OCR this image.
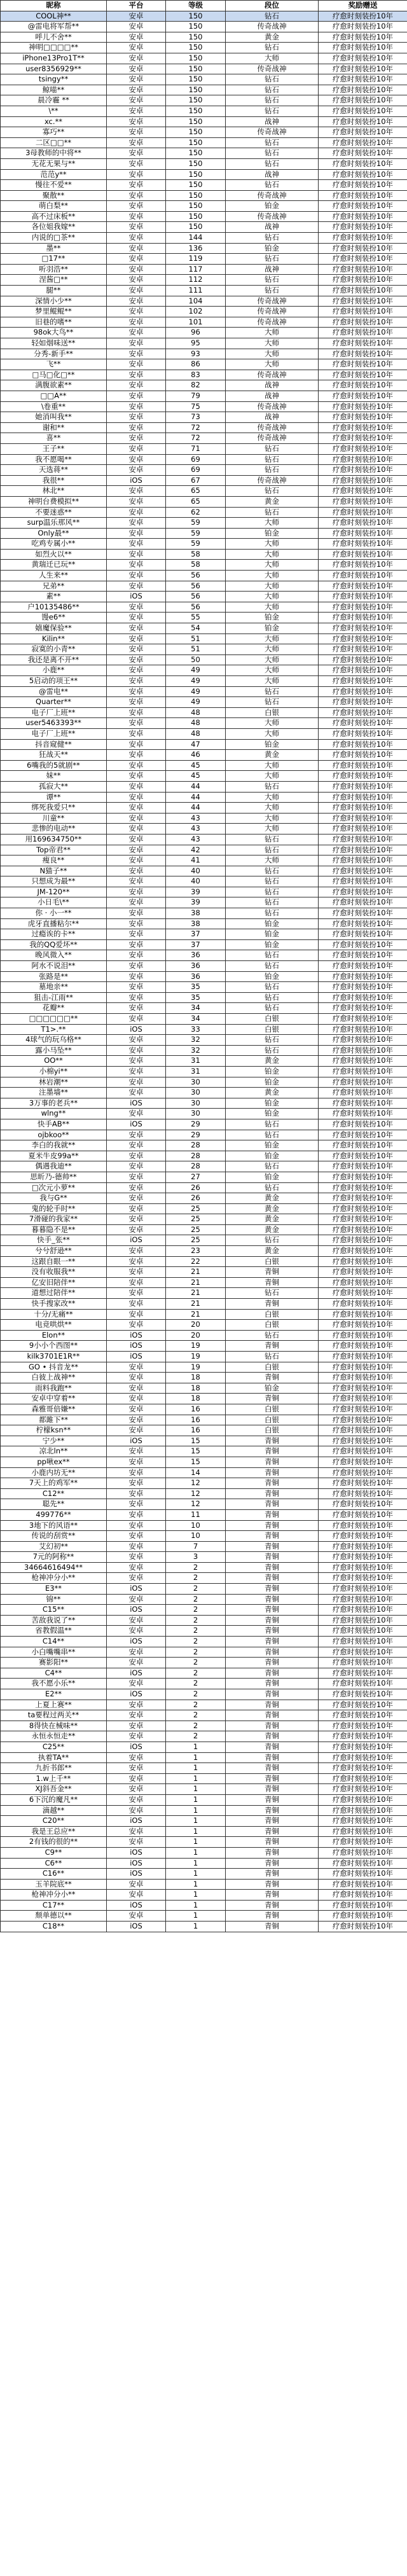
昵称	平台	等级	段位	奖励赠送
COOL神**	安卓	150	钻石	疗愈时刻装扮10年
@雷电将军帮**	安卓	150	传奇战神	疗愈时刻装扮10年
呼儿不舍**	安卓	150	黄金	疗愈时刻装扮10年
神明□□□□**	安卓	150	钻石	疗愈时刻装扮10年
iPhone13Pro1T**	安卓	150	大师	疗愈时刻装扮10年
user8356929**	安卓	150	传奇战神	疗愈时刻装扮10年
tsingy**	安卓	150	钻石	疗愈时刻装扮10年
鲸喵**	安卓	150	钻石	疗愈时刻装扮10年
晨冷霾 **	安卓	150	钻石	疗愈时刻装扮10年
\**	安卓	150	钻石	疗愈时刻装扮10年
xc.**	安卓	150	战神	疗愈时刻装扮10年
寡巧**	安卓	150	传奇战神	疗愈时刻装扮10年
二区□□**	安卓	150	钻石	疗愈时刻装扮10年
3母教师的中将**	安卓	150	钻石	疗愈时刻装扮10年
无花无果与**	安卓	150	钻石	疗愈时刻装扮10年
范范y**	安卓	150	战神	疗愈时刻装扮10年
慢往不爱**	安卓	150	钻石	疗愈时刻装扮10年
聚散**	安卓	150	传奇战神	疗愈时刻装扮10年
萌白梨**	安卓	150	铂金	疗愈时刻装扮10年
高不过床板**	安卓	150	传奇战神	疗愈时刻装扮10年
各位姐我嫁**	安卓	150	战神	疗愈时刻装扮10年
内说的□茶**	安卓	144	钻石	疗愈时刻装扮10年
墨**	安卓	136	铂金	疗愈时刻装扮10年
□17**	安卓	119	钻石	疗愈时刻装扮10年
听羽浩**	安卓	117	战神	疗愈时刻装扮10年
涅酱□**	安卓	112	钻石	疗愈时刻装扮10年
腿**	安卓	111	钻石	疗愈时刻装扮10年
深情小少**	安卓	104	传奇战神	疗愈时刻装扮10年
梦里鲲鲲**	安卓	102	传奇战神	疗愈时刻装扮10年
旧巷的嗜**	安卓	101	传奇战神	疗愈时刻装扮10年
98ok大鸟**	安卓	96	大师	疗愈时刻装扮10年
轻如烟味送**	安卓	95	大师	疗愈时刻装扮10年
分秀-新手**	安卓	93	大师	疗愈时刻装扮10年
飞**	安卓	86	大师	疗愈时刻装扮10年
□马□化□**	安卓	83	传奇战神	疗愈时刻装扮10年
满腹欲素**	安卓	82	战神	疗愈时刻装扮10年
□□A**	安卓	79	战神	疗愈时刻装扮10年
\卷重**	安卓	75	传奇战神	疗愈时刻装扮10年
她消叫我**	安卓	73	战神	疗愈时刻装扮10年
谢和**	安卓	72	传奇战神	疗愈时刻装扮10年
喜**	安卓	72	传奇战神	疗愈时刻装扮10年
王子**	安卓	71	钻石	疗愈时刻装扮10年
我不愿喝**	安卓	69	钻石	疗愈时刻装扮10年
天选蒋**	安卓	69	钻石	疗愈时刻装扮10年
我很**	iOS	67	传奇战神	疗愈时刻装扮10年
林北**	安卓	65	钻石	疗愈时刻装扮10年
神明台费模拟**	安卓	65	黄金	疗愈时刻装扮10年
不要迷惑**	安卓	62	钻石	疗愈时刻装扮10年
surp温乐那风**	安卓	59	大师	疗愈时刻装扮10年
Only最**	安卓	59	铂金	疗愈时刻装扮10年
吃鸡专属小**	安卓	59	大师	疗愈时刻装扮10年
如烈火以**	安卓	58	大师	疗愈时刻装扮10年
黄瑞迁已玩**	安卓	58	大师	疗愈时刻装扮10年
人生来**	安卓	56	大师	疗愈时刻装扮10年
兄弟**	安卓	56	大师	疗愈时刻装扮10年
素**	iOS	56	大师	疗愈时刻装扮10年
户10135486**	安卓	56	大师	疗愈时刻装扮10年
馒e6**	安卓	55	铂金	疗愈时刻装扮10年
嬉魔保验**	安卓	54	铂金	疗愈时刻装扮10年
Kilin**	安卓	51	大师	疗愈时刻装扮10年
寂寞的小青**	安卓	51	大师	疗愈时刻装扮10年
我还是离不开**	安卓	50	大师	疗愈时刻装扮10年
小鹿**	安卓	49	大师	疗愈时刻装扮10年
5启动的项王**	安卓	49	大师	疗愈时刻装扮10年
@雷电**	安卓	49	钻石	疗愈时刻装扮10年
Quarter**	安卓	49	钻石	疗愈时刻装扮10年
电子厂上班**	安卓	48	白银	疗愈时刻装扮10年
user5463393**	安卓	48	大师	疗愈时刻装扮10年
电子厂上班**	安卓	48	大师	疗愈时刻装扮10年
抖音窥健**	安卓	47	铂金	疗愈时刻装扮10年
狂战天**	安卓	46	黄金	疗愈时刻装扮10年
6嘴我的5就剧**	安卓	45	大师	疗愈时刻装扮10年
妹**	安卓	45	大师	疗愈时刻装扮10年
孤寂大**	安卓	44	钻石	疗愈时刻装扮10年
谭**	安卓	44	大师	疗愈时刻装扮10年
绑死我爱只**	安卓	44	大师	疗愈时刻装扮10年
川童**	安卓	43	大师	疗愈时刻装扮10年
悲惨的电动**	安卓	43	大师	疗愈时刻装扮10年
用169634750**	安卓	43	钻石	疗愈时刻装扮10年
Top帝君**	安卓	42	钻石	疗愈时刻装扮10年
瘦良**	安卓	41	大师	疗愈时刻装扮10年
N猫子**	安卓	40	钻石	疗愈时刻装扮10年
只想成为最**	安卓	40	钻石	疗愈时刻装扮10年
JM-120**	安卓	39	钻石	疗愈时刻装扮10年
小日毛\**	安卓	39	钻石	疗愈时刻装扮10年
你 · 小一**	安卓	38	钻石	疗愈时刻装扮10年
虎牙直播粘尔**	安卓	38	铂金	疗愈时刻装扮10年
过瘾诶的卡**	安卓	37	铂金	疗愈时刻装扮10年
我的QQ爱坏**	安卓	37	铂金	疗愈时刻装扮10年
晚风微入**	安卓	36	钻石	疗愈时刻装扮10年
阿水不说泪**	安卓	36	钻石	疗愈时刻装扮10年
张路是**	安卓	36	铂金	疗愈时刻装扮10年
墓地亲**	安卓	35	钻石	疗愈时刻装扮10年
狙击-江雨**	安卓	35	钻石	疗愈时刻装扮10年
花瓣**	安卓	34	钻石	疗愈时刻装扮10年
□□□□□□**	安卓	34	白银	疗愈时刻装扮10年
T1>.**	iOS	33	白银	疗愈时刻装扮10年
4球气的玩乌格**	安卓	32	钻石	疗愈时刻装扮10年
露小马坠**	安卓	32	钻石	疗愈时刻装扮10年
OO**	安卓	31	黄金	疗愈时刻装扮10年
小棉yi**	安卓	31	铂金	疗愈时刻装扮10年
林岩潮**	安卓	30	铂金	疗愈时刻装扮10年
注墨墙**	安卓	30	黄金	疗愈时刻装扮10年
3万事的老兵**	iOS	30	铂金	疗愈时刻装扮10年
wlng**	安卓	30	铂金	疗愈时刻装扮10年
快手AB**	iOS	29	钻石	疗愈时刻装扮10年
ojbkoo**	安卓	29	钻石	疗愈时刻装扮10年
李白的我就**	安卓	28	铂金	疗愈时刻装扮10年
夏米牛皮99a**	安卓	28	铂金	疗愈时刻装扮10年
偶遇我迪**	安卓	28	钻石	疗愈时刻装扮10年
思昕乃-德帅**	安卓	27	铂金	疗愈时刻装扮10年
□次元小萝**	安卓	26	钻石	疗愈时刻装扮10年
我与G**	安卓	26	黄金	疗愈时刻装扮10年
鬼的轮手时**	安卓	25	黄金	疗愈时刻装扮10年
7滑碰的我家**	安卓	25	黄金	疗愈时刻装扮10年
暮暮隐不是**	安卓	25	黄金	疗愈时刻装扮10年
快手_张**	iOS	25	钻石	疗愈时刻装扮10年
兮兮舒逊**	安卓	23	黄金	疗愈时刻装扮10年
这跟自眼一**	安卓	22	白银	疗愈时刻装扮10年
没有收服我**	安卓	21	青铜	疗愈时刻装扮10年
亿安旧陪伴**	安卓	21	青铜	疗愈时刻装扮10年
道想过陪伴**	安卓	21	钻石	疗愈时刻装扮10年
快手搜家改**	安卓	21	青铜	疗愈时刻装扮10年
十分/无痛**	安卓	21	白银	疗愈时刻装扮10年
电竞哄烘**	安卓	20	白银	疗愈时刻装扮10年
Elon**	iOS	20	钻石	疗愈时刻装扮10年
9小小个西图**	iOS	19	青铜	疗愈时刻装扮10年
kilk3701E1R**	iOS	19	钻石	疗愈时刻装扮10年
GO • 抖音龙**	安卓	19	白银	疗愈时刻装扮10年
白彼上战神**	安卓	18	青铜	疗愈时刻装扮10年
雨料我跑**	安卓	18	铂金	疗愈时刻装扮10年
安卓中穿着**	安卓	18	青铜	疗愈时刻装扮10年
森雅哥倍嫌**	安卓	16	白银	疗愈时刻装扮10年
都雎下**	安卓	16	白银	疗愈时刻装扮10年
柠檬ksn**	安卓	16	白银	疗愈时刻装扮10年
宁少**	iOS	15	青铜	疗愈时刻装扮10年
凉北ln**	安卓	15	青铜	疗愈时刻装扮10年
pp啾ex**	安卓	15	青铜	疗愈时刻装扮10年
小鹿内坊无**	安卓	14	青铜	疗愈时刻装扮10年
7天上的鸡军**	安卓	12	青铜	疗愈时刻装扮10年
C12**	安卓	12	青铜	疗愈时刻装扮10年
聪先**	安卓	12	青铜	疗愈时刻装扮10年
499776**	安卓	11	青铜	疗愈时刻装扮10年
3地下的风语**	安卓	10	青铜	疗愈时刻装扮10年
传说的刮赏**	安卓	10	青铜	疗愈时刻装扮10年
艾幻初**	安卓	7	青铜	疗愈时刻装扮10年
7元的阿称**	安卓	3	青铜	疗愈时刻装扮10年
34664616494**	安卓	2	青铜	疗愈时刻装扮10年
枪神冲分小**	安卓	2	青铜	疗愈时刻装扮10年
E3**	iOS	2	青铜	疗愈时刻装扮10年
锦**	安卓	2	青铜	疗愈时刻装扮10年
C15**	iOS	2	青铜	疗愈时刻装扮10年
苦敌我说了**	安卓	2	青铜	疗愈时刻装扮10年
省教假温**	安卓	2	青铜	疗愈时刻装扮10年
C14**	iOS	2	青铜	疗愈时刻装扮10年
小白嘴嘴串**	安卓	2	青铜	疗愈时刻装扮10年
赛影阳**	安卓	2	青铜	疗愈时刻装扮10年
C4**	iOS	2	青铜	疗愈时刻装扮10年
我不愿小乐**	安卓	2	青铜	疗愈时刻装扮10年
E2**	iOS	2	青铜	疗愈时刻装扮10年
上夏上赛**	安卓	2	青铜	疗愈时刻装扮10年
ta要程过两关**	安卓	2	青铜	疗愈时刻装扮10年
8得快在械味**	安卓	2	青铜	疗愈时刻装扮10年
永恒永恒走**	安卓	2	青铜	疗愈时刻装扮10年
C25**	iOS	1	青铜	疗愈时刻装扮10年
执着TA**	安卓	1	青铜	疗愈时刻装扮10年
九折书郎**	安卓	1	青铜	疗愈时刻装扮10年
1.w上千**	安卓	1	青铜	疗愈时刻装扮10年
XJ斜吾金**	安卓	1	青铜	疗愈时刻装扮10年
6下沉的魔凡**	安卓	1	青铜	疗愈时刻装扮10年
滴越**	安卓	1	青铜	疗愈时刻装扮10年
C20**	iOS	1	青铜	疗愈时刻装扮10年
我是王总应**	安卓	1	青铜	疗愈时刻装扮10年
2有钱的很的**	安卓	1	青铜	疗愈时刻装扮10年
C9**	iOS	1	青铜	疗愈时刻装扮10年
C6**	iOS	1	青铜	疗愈时刻装扮10年
C16**	iOS	1	青铜	疗愈时刻装扮10年
玉羊院底**	安卓	1	青铜	疗愈时刻装扮10年
枪神冲分小**	安卓	1	青铜	疗愈时刻装扮10年
C17**	iOS	1	青铜	疗愈时刻装扮10年
颓单德以**	安卓	1	青铜	疗愈时刻装扮10年
C18**	iOS	1	青铜	疗愈时刻装扮10年
